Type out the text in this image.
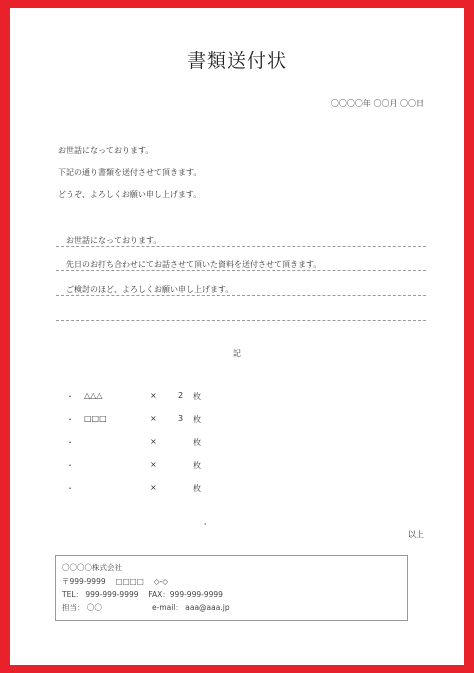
書類送付状
〇〇〇〇年 〇〇月 〇〇日
お世話になっております。
下記の通り書類を送付させて頂きます。
どうぞ、よろしくお願い申し上げます。
お世話になっております。
先日のお打ち合わせにてお話させて頂いた資料を送付させて頂きます。
ご検討のほど、よろしくお願い申し上げます。
記
・ △△△	×	2 枚
・ □□□	×	3 枚
・	×	枚
・	×	枚
・	×	枚
'
以上
〇〇〇〇株式会社
〒999-9999 　□□□□ 　◇-◇
TEL： 999-999-9999 　FAX：999-999-9999
担当： 〇〇	e-mail： aaa@aaa.jp
